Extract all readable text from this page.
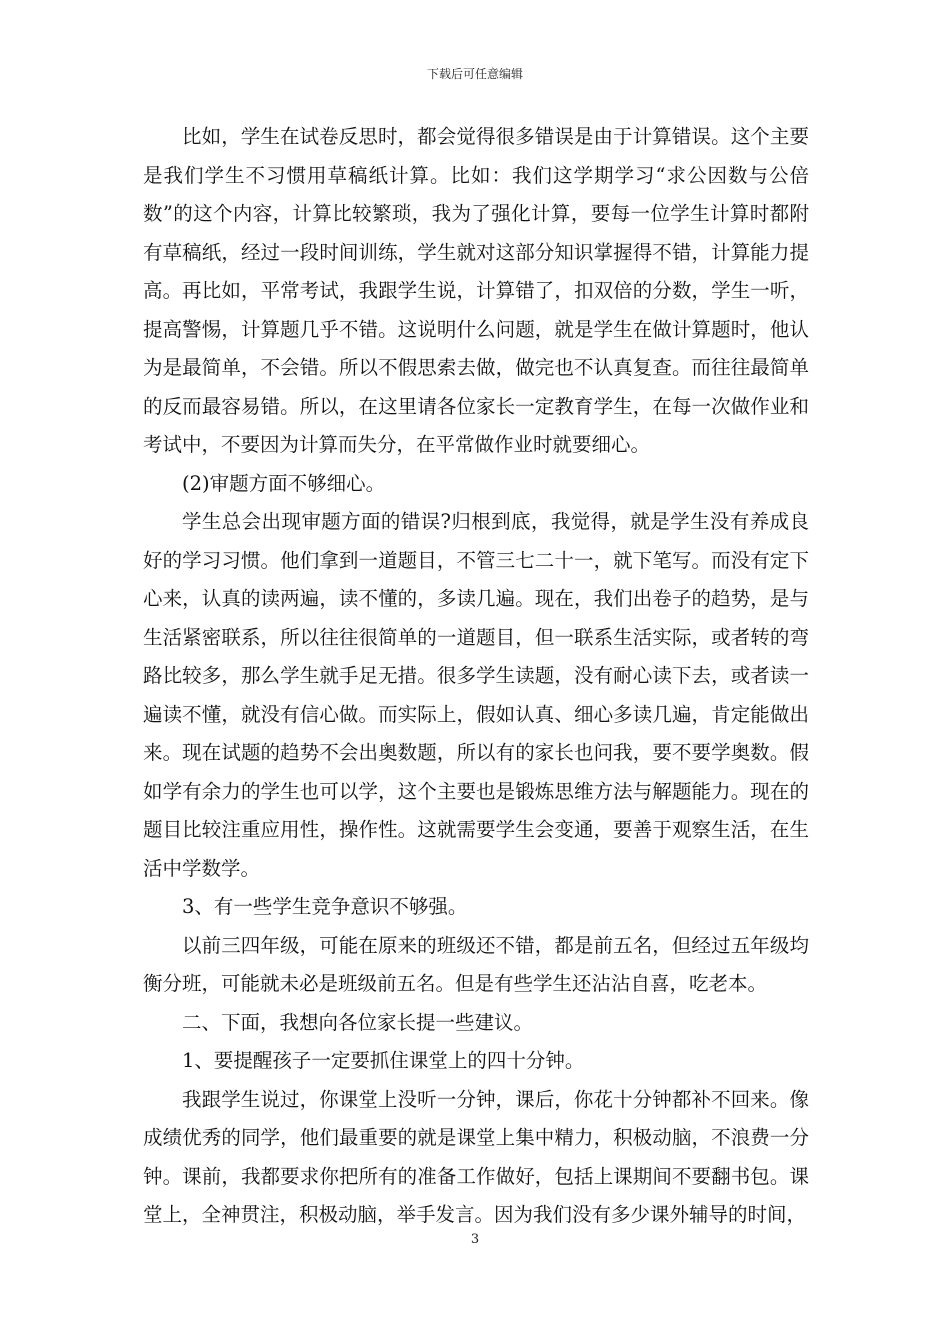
下载后可任意编辑

比如，学生在试卷反思时，都会觉得很多错误是由于计算错误。这个主要是我们学生不习惯用草稿纸计算。比如：我们这学期学习“求公因数与公倍数”的这个内容，计算比较繁琐，我为了强化计算，要每一位学生计算时都附有草稿纸，经过一段时间训练，学生就对这部分知识掌握得不错，计算能力提高。再比如，平常考试，我跟学生说，计算错了，扣双倍的分数，学生一听，提高警惕，计算题几乎不错。这说明什么问题，就是学生在做计算题时，他认为是最简单，不会错。所以不假思索去做，做完也不认真复查。而往往最简单的反而最容易错。所以，在这里请各位家长一定教育学生，在每一次做作业和考试中，不要因为计算而失分，在平常做作业时就要细心。

(2)审题方面不够细心。

学生总会出现审题方面的错误?归根到底，我觉得，就是学生没有养成良好的学习习惯。他们拿到一道题目，不管三七二十一，就下笔写。而没有定下心来，认真的读两遍，读不懂的，多读几遍。现在，我们出卷子的趋势，是与生活紧密联系，所以往往很简单的一道题目，但一联系生活实际，或者转的弯路比较多，那么学生就手足无措。很多学生读题，没有耐心读下去，或者读一遍读不懂，就没有信心做。而实际上，假如认真、细心多读几遍，肯定能做出来。现在试题的趋势不会出奥数题，所以有的家长也问我，要不要学奥数。假如学有余力的学生也可以学，这个主要也是锻炼思维方法与解题能力。现在的题目比较注重应用性，操作性。这就需要学生会变通，要善于观察生活，在生活中学数学。

3、有一些学生竞争意识不够强。

以前三四年级，可能在原来的班级还不错，都是前五名，但经过五年级均衡分班，可能就未必是班级前五名。但是有些学生还沾沾自喜，吃老本。

二、下面，我想向各位家长提一些建议。

1、要提醒孩子一定要抓住课堂上的四十分钟。

我跟学生说过，你课堂上没听一分钟，课后，你花十分钟都补不回来。像成绩优秀的同学，他们最重要的就是课堂上集中精力，积极动脑，不浪费一分钟。课前，我都要求你把所有的准备工作做好，包括上课期间不要翻书包。课堂上，全神贯注，积极动脑，举手发言。因为我们没有多少课外辅导的时间，

3
